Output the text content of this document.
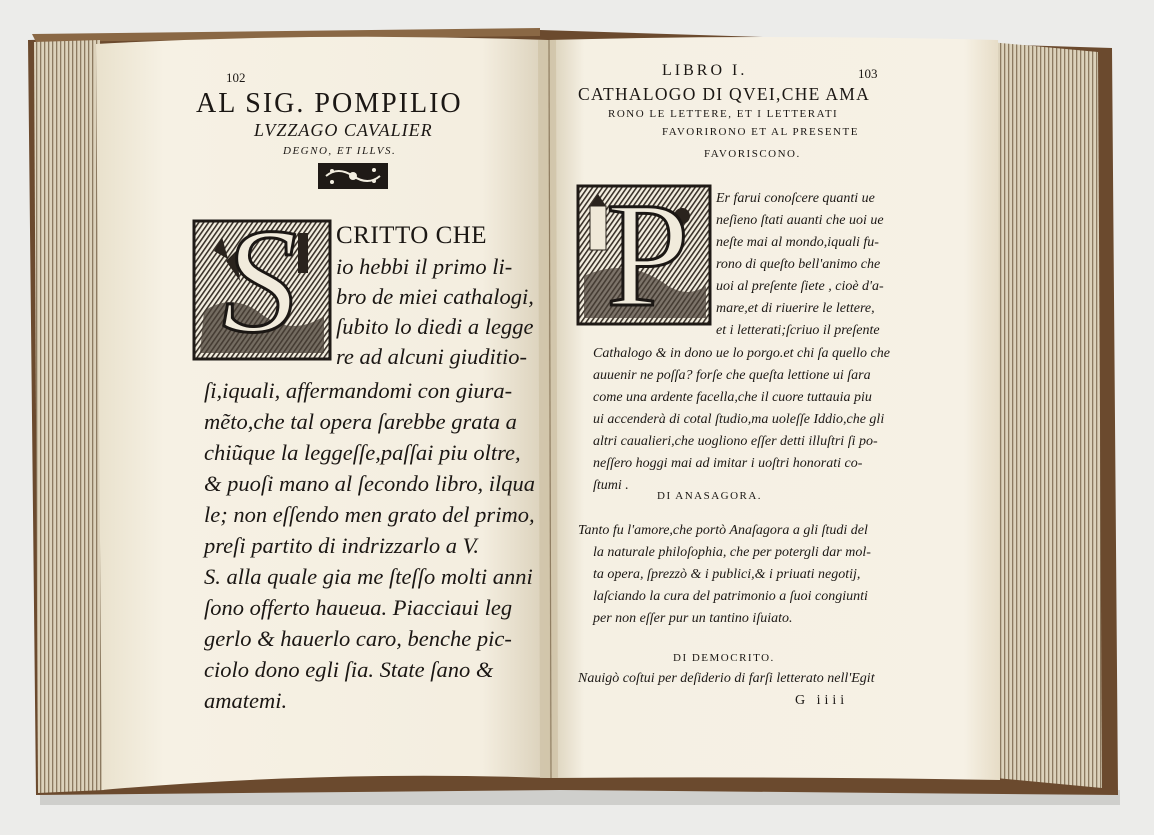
S P
102
AL SIG. POMPILIO
LVZZAGO CAVALIER
DEGNO, ET ILLVS.
CRITTO CHE
io hebbi il primo li-
bro de miei cathalogi,
ſubito lo diedi a legge
re ad alcuni giuditio-
ſi,iquali, affermandomi con giura-
mẽto,che tal opera ſarebbe grata a
chiũque la leggeſſe,paſſai piu oltre,
& puoſi mano al ſecondo libro, ilqua
le; non eſſendo men grato del primo,
preſi partito di indrizzarlo a V.
S. alla quale gia me ſteſſo molti anni
ſono offerto haueua. Piacciaui leg
gerlo & hauerlo caro, benche pic-
ciolo dono egli ſia. State ſano &
amatemi.
LIBRO I.	103
CATHALOGO DI QVEI,CHE AMA
RONO LE LETTERE, ET I LETTERATI
FAVORIRONO ET AL PRESENTE
FAVORISCONO.
Er farui conoſcere quanti ue
neſieno ſtati auanti che uoi ue
neſte mai al mondo,iquali fu-
rono di queſto bell'animo che
uoi al preſente ſiete , cioè d'a-
mare,et di riuerire le lettere,
et i letterati;ſcriuo il preſente
Cathalogo & in dono ue lo porgo.et chi ſa quello che
auuenir ne poſſa? forſe che queſta lettione ui ſara
come una ardente facella,che il cuore tuttauia piu
ui accenderà di cotal ſtudio,ma uoleſſe Iddio,che gli
altri caualieri,che uogliono eſſer detti illuſtri ſi po-
neſſero hoggi mai ad imitar i uoſtri honorati co-
ſtumi .
DI ANASAGORA.
Tanto fu l'amore,che portò Anaſagora a gli ſtudi del
la naturale philoſophia, che per potergli dar mol-
ta opera, ſprezzò & i publici,& i priuati negotij,
laſciando la cura del patrimonio a ſuoi congiunti
per non eſſer pur un tantino iſuiato.
DI DEMOCRITO.
Nauigò coſtui per deſiderio di farſi letterato nell'Egit
G iiii
